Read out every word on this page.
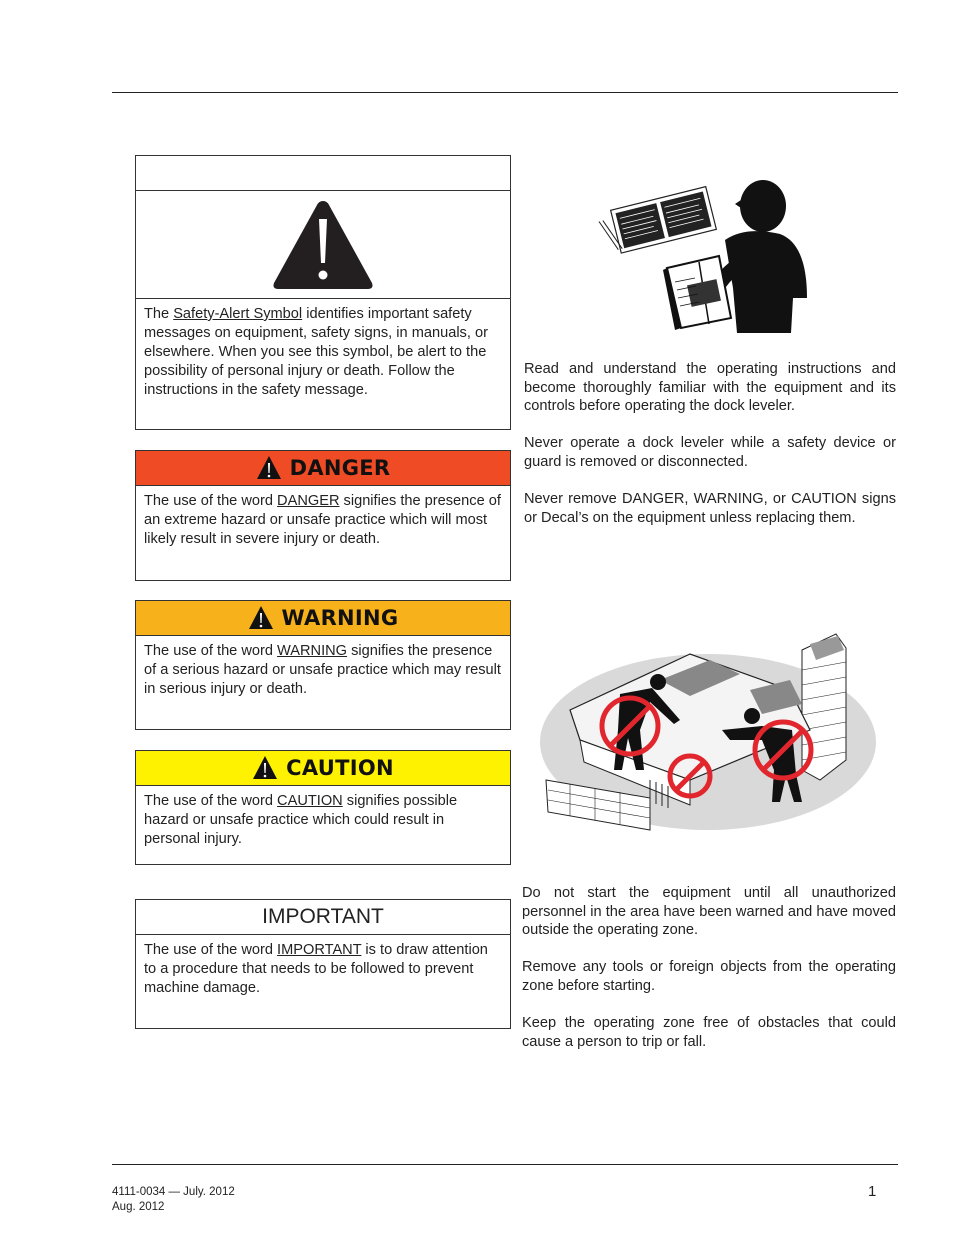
The Safety-Alert Symbol identifies important safety messages on equipment, safety signs, in manuals, or elsewhere. When you see this symbol, be alert to the possibility of personal injury or death. Follow the instructions in the safety message.
DANGER
The use of the word DANGER signifies the presence of an extreme hazard or unsafe practice which will most likely result in severe injury or death.
WARNING
The use of the word WARNING signifies the presence of a serious hazard or unsafe practice which may result in serious injury or death.
CAUTION
The use of the word CAUTION signifies possible hazard or unsafe practice which could result in personal injury.
IMPORTANT
The use of the word IMPORTANT is to draw attention to a procedure that needs to be followed to prevent machine damage.

Read and understand the operating instructions and become thoroughly familiar with the equipment and its controls before operating the dock leveler.

Never operate a dock leveler while a safety device or guard is removed or disconnected.

Never remove DANGER, WARNING, or CAUTION signs or Decal’s on the equipment unless replacing them.

Do not start the equipment until all unauthorized personnel in the area have been warned and have moved outside the operating zone.

Remove any tools or foreign objects from the operating zone before starting.

Keep the operating zone free of obstacles that could cause a person to trip or fall.

4111-0034 — July. 2012
Aug. 2012
1
